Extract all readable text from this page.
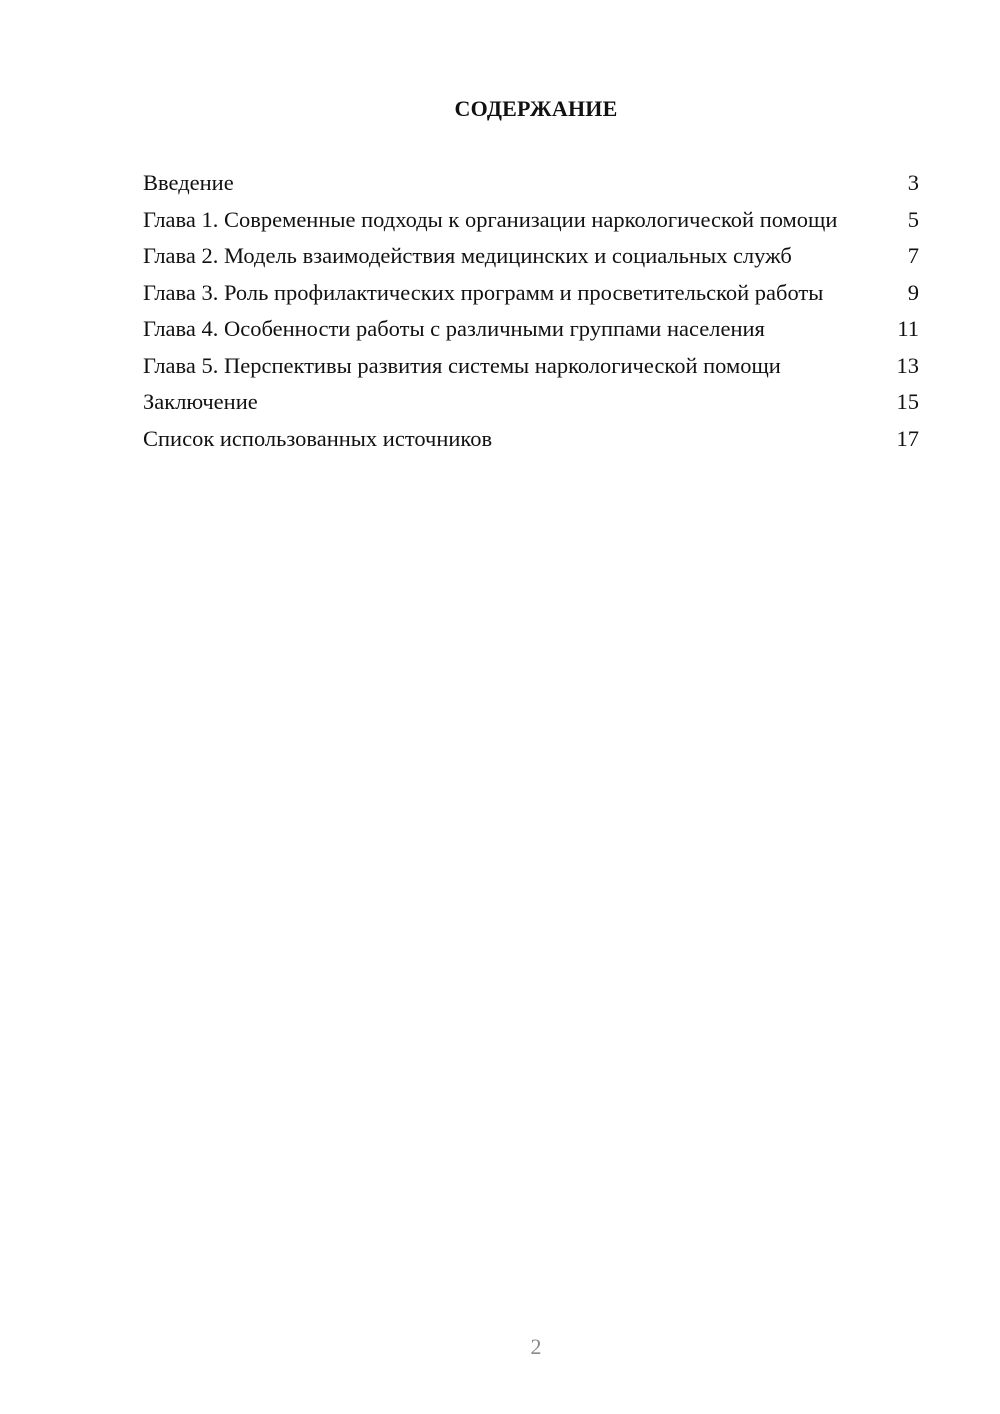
СОДЕРЖАНИЕ
Введение	3
Глава 1. Современные подходы к организации наркологической помощи	5
Глава 2. Модель взаимодействия медицинских и социальных служб	7
Глава 3. Роль профилактических программ и просветительской работы	9
Глава 4. Особенности работы с различными группами населения	11
Глава 5. Перспективы развития системы наркологической помощи	13
Заключение	15
Список использованных источников	17
2
